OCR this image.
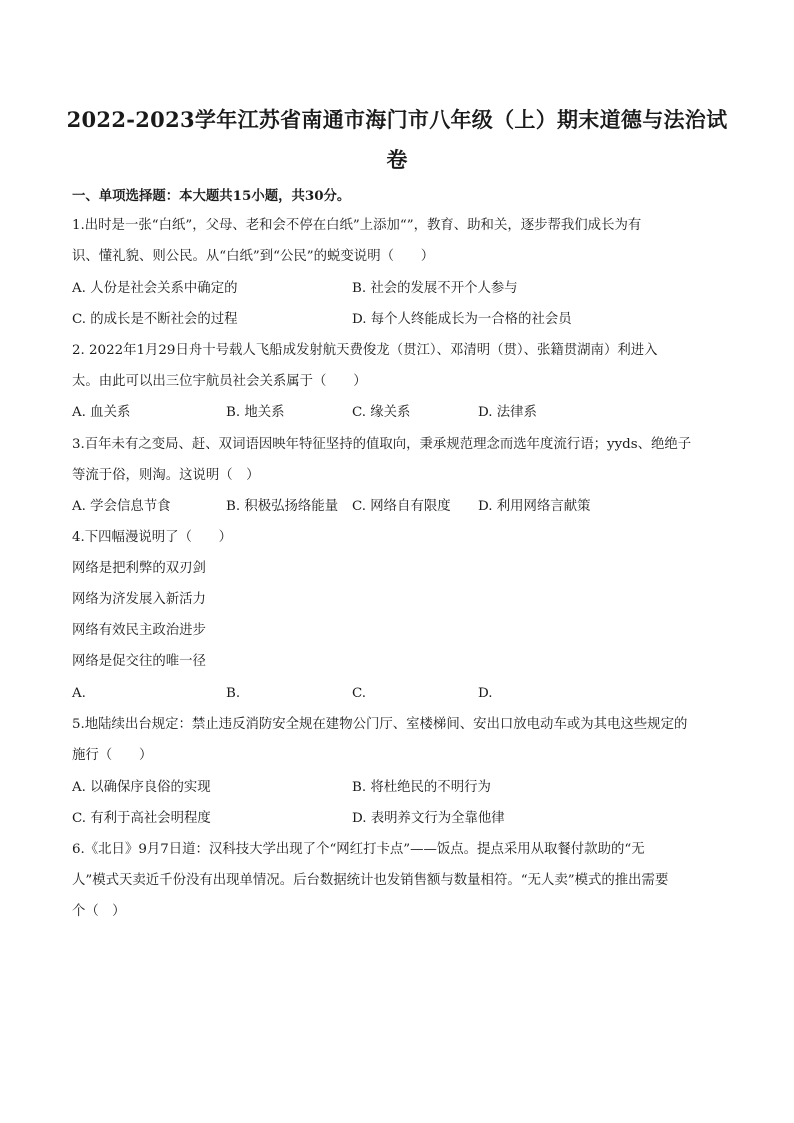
2022-2023学年江苏省南通市海门市八年级（上）期末道德与法治试
卷
一、单项选择题：本大题共15小题，共30分。
1.出时是一张“白纸”，父母、老和会不停在白纸”上添加“”，教育、助和关，逐步帮我们成长为有
识、懂礼貌、则公民。从“白纸”到“公民”的蜕变说明（　　）
A. 人份是社会关系中确定的	B. 社会的发展不开个人参与
C. 的成长是不断社会的过程	D. 每个人终能成长为一合格的社会员
2. 2022年1月29日舟十号载人飞船成发射航天费俊龙（贯江）、邓清明（贯）、张籍贯湖南）利进入
太。由此可以出三位宇航员社会关系属于（　　）
A. 血关系	B. 地关系	C. 缘关系	D. 法律系
3.百年未有之变局、赶、双词语因映年特征坚持的值取向，秉承规范理念而选年度流行语；yyds、绝绝子
等流于俗，则淘。这说明（　）
A. 学会信息节食	B. 积极弘扬络能量 C. 网络自有限度 D. 利用网络言献策
4.下四幅漫说明了（　　）
网络是把利弊的双刃剑
网络为济发展入新活力
网络有效民主政治进步
网络是促交往的唯一径
A.	B.	C.	D.
5.地陆续出台规定：禁止违反消防安全规在建物公门厅、室楼梯间、安出口放电动车或为其电这些规定的
施行（　　）
A. 以确保序良俗的实现	B. 将杜绝民的不明行为
C. 有利于高社会明程度	D. 表明养文行为全靠他律
6.《北日》9月7日道：汉科技大学出现了个“网红打卡点”——饭点。提点采用从取餐付款助的“无
人”模式天卖近千份没有出现单情况。后台数据统计也发销售额与数量相符。“无人卖”模式的推出需要
个（　）
